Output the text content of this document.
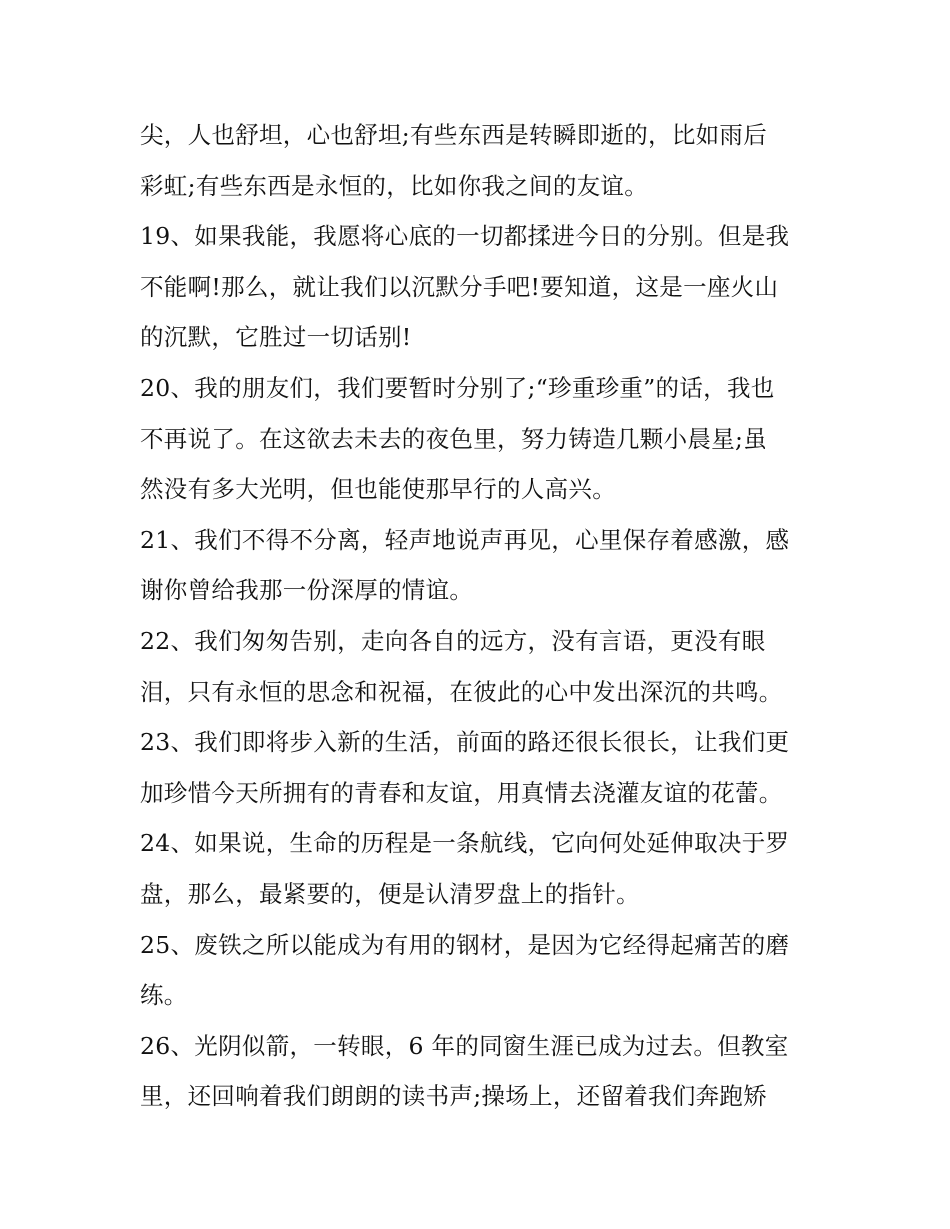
尖，人也舒坦，心也舒坦;有些东西是转瞬即逝的，比如雨后
彩虹;有些东西是永恒的，比如你我之间的友谊。
19、如果我能，我愿将心底的一切都揉进今日的分别。但是我
不能啊!那么，就让我们以沉默分手吧!要知道，这是一座火山
的沉默，它胜过一切话别!
20、我的朋友们，我们要暂时分别了;“珍重珍重”的话，我也
不再说了。在这欲去未去的夜色里，努力铸造几颗小晨星;虽
然没有多大光明，但也能使那早行的人高兴。
21、我们不得不分离，轻声地说声再见，心里保存着感激，感
谢你曾给我那一份深厚的情谊。
22、我们匆匆告别，走向各自的远方，没有言语，更没有眼
泪，只有永恒的思念和祝福，在彼此的心中发出深沉的共鸣。
23、我们即将步入新的生活，前面的路还很长很长，让我们更
加珍惜今天所拥有的青春和友谊，用真情去浇灌友谊的花蕾。
24、如果说，生命的历程是一条航线，它向何处延伸取决于罗
盘，那么，最紧要的，便是认清罗盘上的指针。
25、废铁之所以能成为有用的钢材，是因为它经得起痛苦的磨
练。
26、光阴似箭，一转眼，6 年的同窗生涯已成为过去。但教室
里，还回响着我们朗朗的读书声;操场上，还留着我们奔跑矫
